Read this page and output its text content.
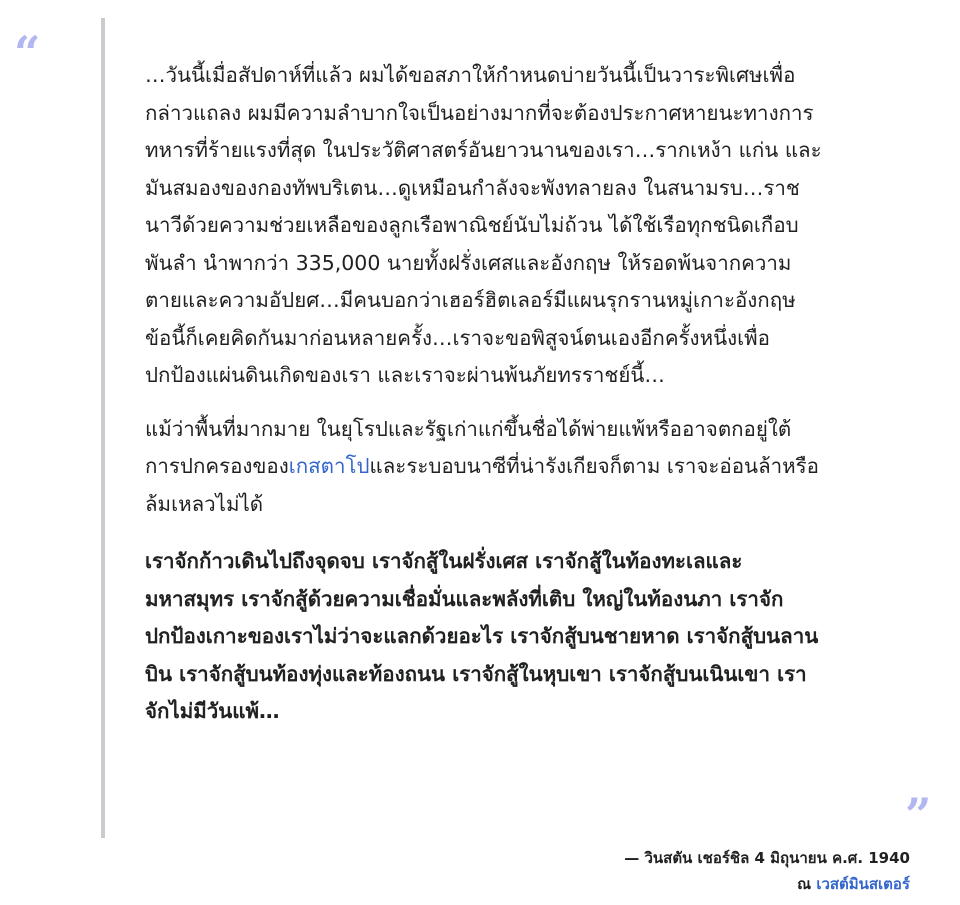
“	…วันนี้เมื่อสัปดาห์ที่แล้ว ผมได้ขอสภาให้กำหนดบ่ายวันนี้เป็นวาระพิเศษเพื่อกล่าวแถลง ผมมีความลำบากใจเป็นอย่างมากที่จะต้องประกาศหายนะทางการทหารที่ร้ายแรงที่สุด ในประวัติศาสตร์อันยาวนานของเรา…รากเหง้า แก่น และมันสมองของกองทัพบริเตน…ดูเหมือนกำลังจะพังทลายลง ในสนามรบ…ราชนาวีด้วยความช่วยเหลือของลูกเรือพาณิชย์นับไม่ถ้วน ได้ใช้เรือทุกชนิดเกือบพันลำ นำพากว่า 335,000 นายทั้งฝรั่งเศสและอังกฤษ ให้รอดพ้นจากความตายและความอัปยศ…มีคนบอกว่าเฮอร์ฮิตเลอร์มีแผนรุกรานหมู่เกาะอังกฤษ ข้อนี้ก็เคยคิดกันมาก่อนหลายครั้ง…เราจะขอพิสูจน์ตนเองอีกครั้งหนึ่งเพื่อปกป้องแผ่นดินเกิดของเรา และเราจะผ่านพ้นภัยทรราชย์นี้…

แม้ว่าพื้นที่มากมาย ในยุโรปและรัฐเก่าแก่ขึ้นชื่อได้พ่ายแพ้หรืออาจตกอยู่ใต้การปกครองของเกสตาโปและระบอบนาซีที่น่ารังเกียจก็ตาม เราจะอ่อนล้าหรือล้มเหลวไม่ได้

เราจักก้าวเดินไปถึงจุดจบ เราจักสู้ในฝรั่งเศส เราจักสู้ในท้องทะเลและมหาสมุทร เราจักสู้ด้วยความเชื่อมั่นและพลังที่เติบ ใหญ่ในท้องนภา เราจักปกป้องเกาะของเราไม่ว่าจะแลกด้วยอะไร เราจักสู้บนชายหาด เราจักสู้บนลานบิน เราจักสู้บนท้องทุ่งและท้องถนน เราจักสู้ในหุบเขา เราจักสู้บนเนินเขา เราจักไม่มีวันแพ้…

”
— วินสตัน เชอร์ชิล 4 มิถุนายน ค.ศ. 1940
ณ เวสต์มินสเตอร์
